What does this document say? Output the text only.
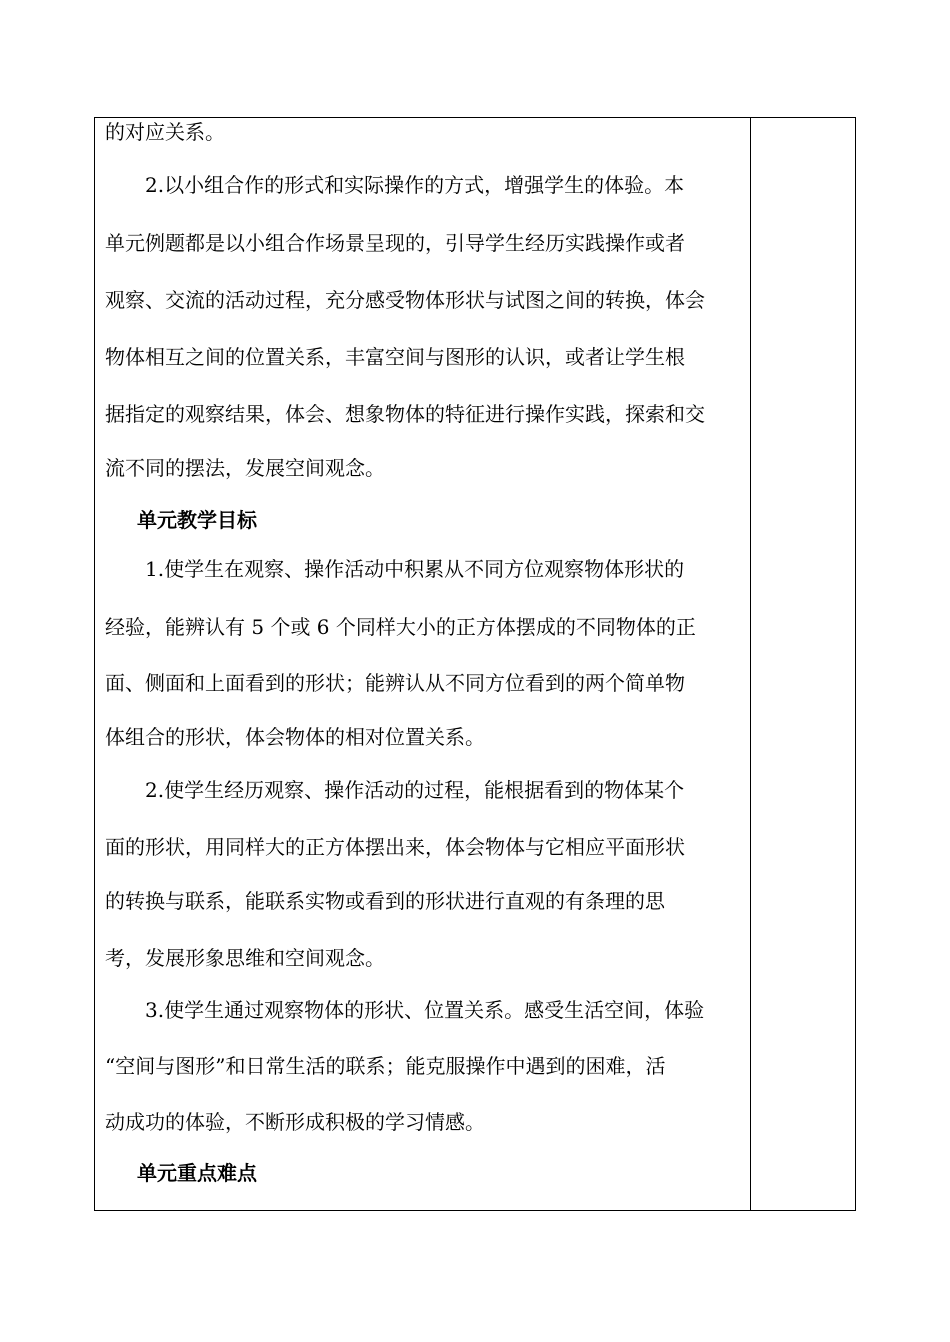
的对应关系。
2.以小组合作的形式和实际操作的方式，增强学生的体验。本
单元例题都是以小组合作场景呈现的，引导学生经历实践操作或者
观察、交流的活动过程，充分感受物体形状与试图之间的转换，体会
物体相互之间的位置关系，丰富空间与图形的认识，或者让学生根
据指定的观察结果，体会、想象物体的特征进行操作实践，探索和交
流不同的摆法，发展空间观念。
单元教学目标
1.使学生在观察、操作活动中积累从不同方位观察物体形状的
经验，能辨认有 5 个或 6 个同样大小的正方体摆成的不同物体的正
面、侧面和上面看到的形状；能辨认从不同方位看到的两个简单物
体组合的形状，体会物体的相对位置关系。
2.使学生经历观察、操作活动的过程，能根据看到的物体某个
面的形状，用同样大的正方体摆出来，体会物体与它相应平面形状
的转换与联系，能联系实物或看到的形状进行直观的有条理的思
考，发展形象思维和空间观念。
3.使学生通过观察物体的形状、位置关系。感受生活空间，体验
“空间与图形”和日常生活的联系；能克服操作中遇到的困难，活
动成功的体验，不断形成积极的学习情感。
单元重点难点
